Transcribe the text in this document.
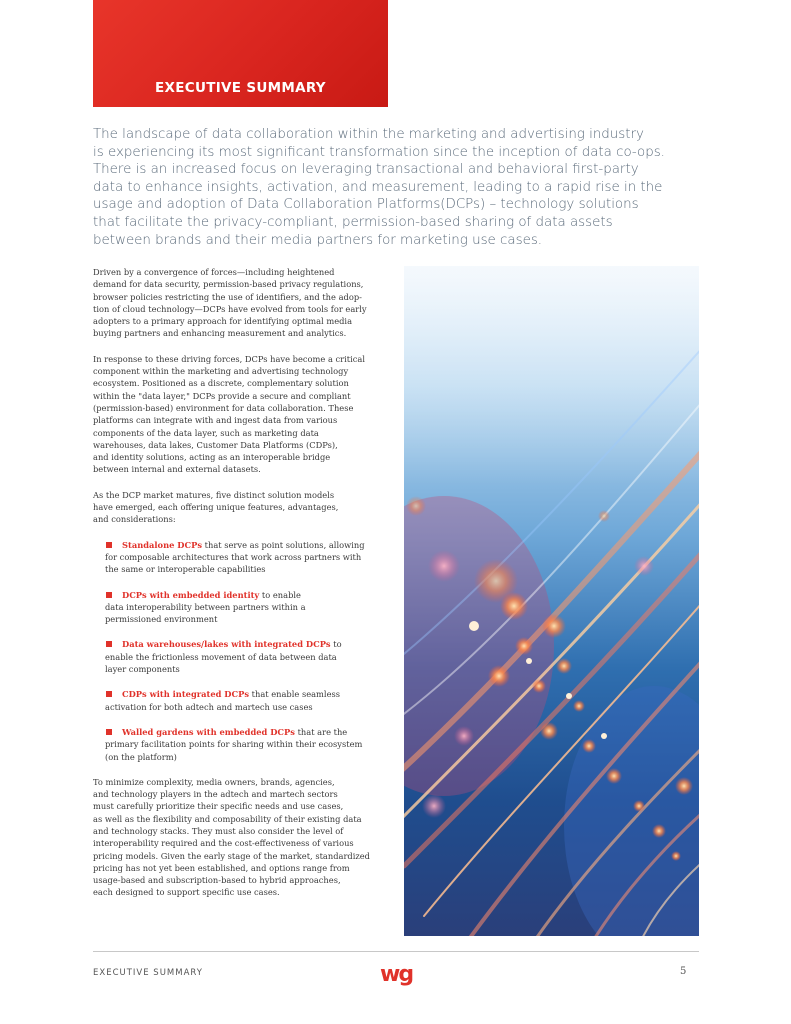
EXECUTIVE SUMMARY
The landscape of data collaboration within the marketing and advertising industry
is experiencing its most significant transformation since the inception of data co-ops.
There is an increased focus on leveraging transactional and behavioral first-party
data to enhance insights, activation, and measurement, leading to a rapid rise in the
usage and adoption of Data Collaboration Platforms(DCPs) – technology solutions
that facilitate the privacy-compliant, permission-based sharing of data assets
between brands and their media partners for marketing use cases.

Driven by a convergence of forces—including heightened
demand for data security, permission-based privacy regulations,
browser policies restricting the use of identifiers, and the adop-
tion of cloud technology—DCPs have evolved from tools for early
adopters to a primary approach for identifying optimal media
buying partners and enhancing measurement and analytics.

In response to these driving forces, DCPs have become a critical
component within the marketing and advertising technology
ecosystem. Positioned as a discrete, complementary solution
within the "data layer," DCPs provide a secure and compliant
(permission-based) environment for data collaboration. These
platforms can integrate with and ingest data from various
components of the data layer, such as marketing data
warehouses, data lakes, Customer Data Platforms (CDPs),
and identity solutions, acting as an interoperable bridge
between internal and external datasets.

As the DCP market matures, five distinct solution models
have emerged, each offering unique features, advantages,
and considerations:

Standalone DCPs that serve as point solutions, allowing
for composable architectures that work across partners with
the same or interoperable capabilities
DCPs with embedded identity to enable
data interoperability between partners within a
permissioned environment
Data warehouses/lakes with integrated DCPs to
enable the frictionless movement of data between data
layer components
CDPs with integrated DCPs that enable seamless
activation for both adtech and martech use cases
Walled gardens with embedded DCPs that are the
primary facilitation points for sharing within their ecosystem
(on the platform)

To minimize complexity, media owners, brands, agencies,
and technology players in the adtech and martech sectors
must carefully prioritize their specific needs and use cases,
as well as the flexibility and composability of their existing data
and technology stacks. They must also consider the level of
interoperability required and the cost-effectiveness of various
pricing models. Given the early stage of the market, standardized
pricing has not yet been established, and options range from
usage-based and subscription-based to hybrid approaches,
each designed to support specific use cases.

EXECUTIVE SUMMARY	wg	5
